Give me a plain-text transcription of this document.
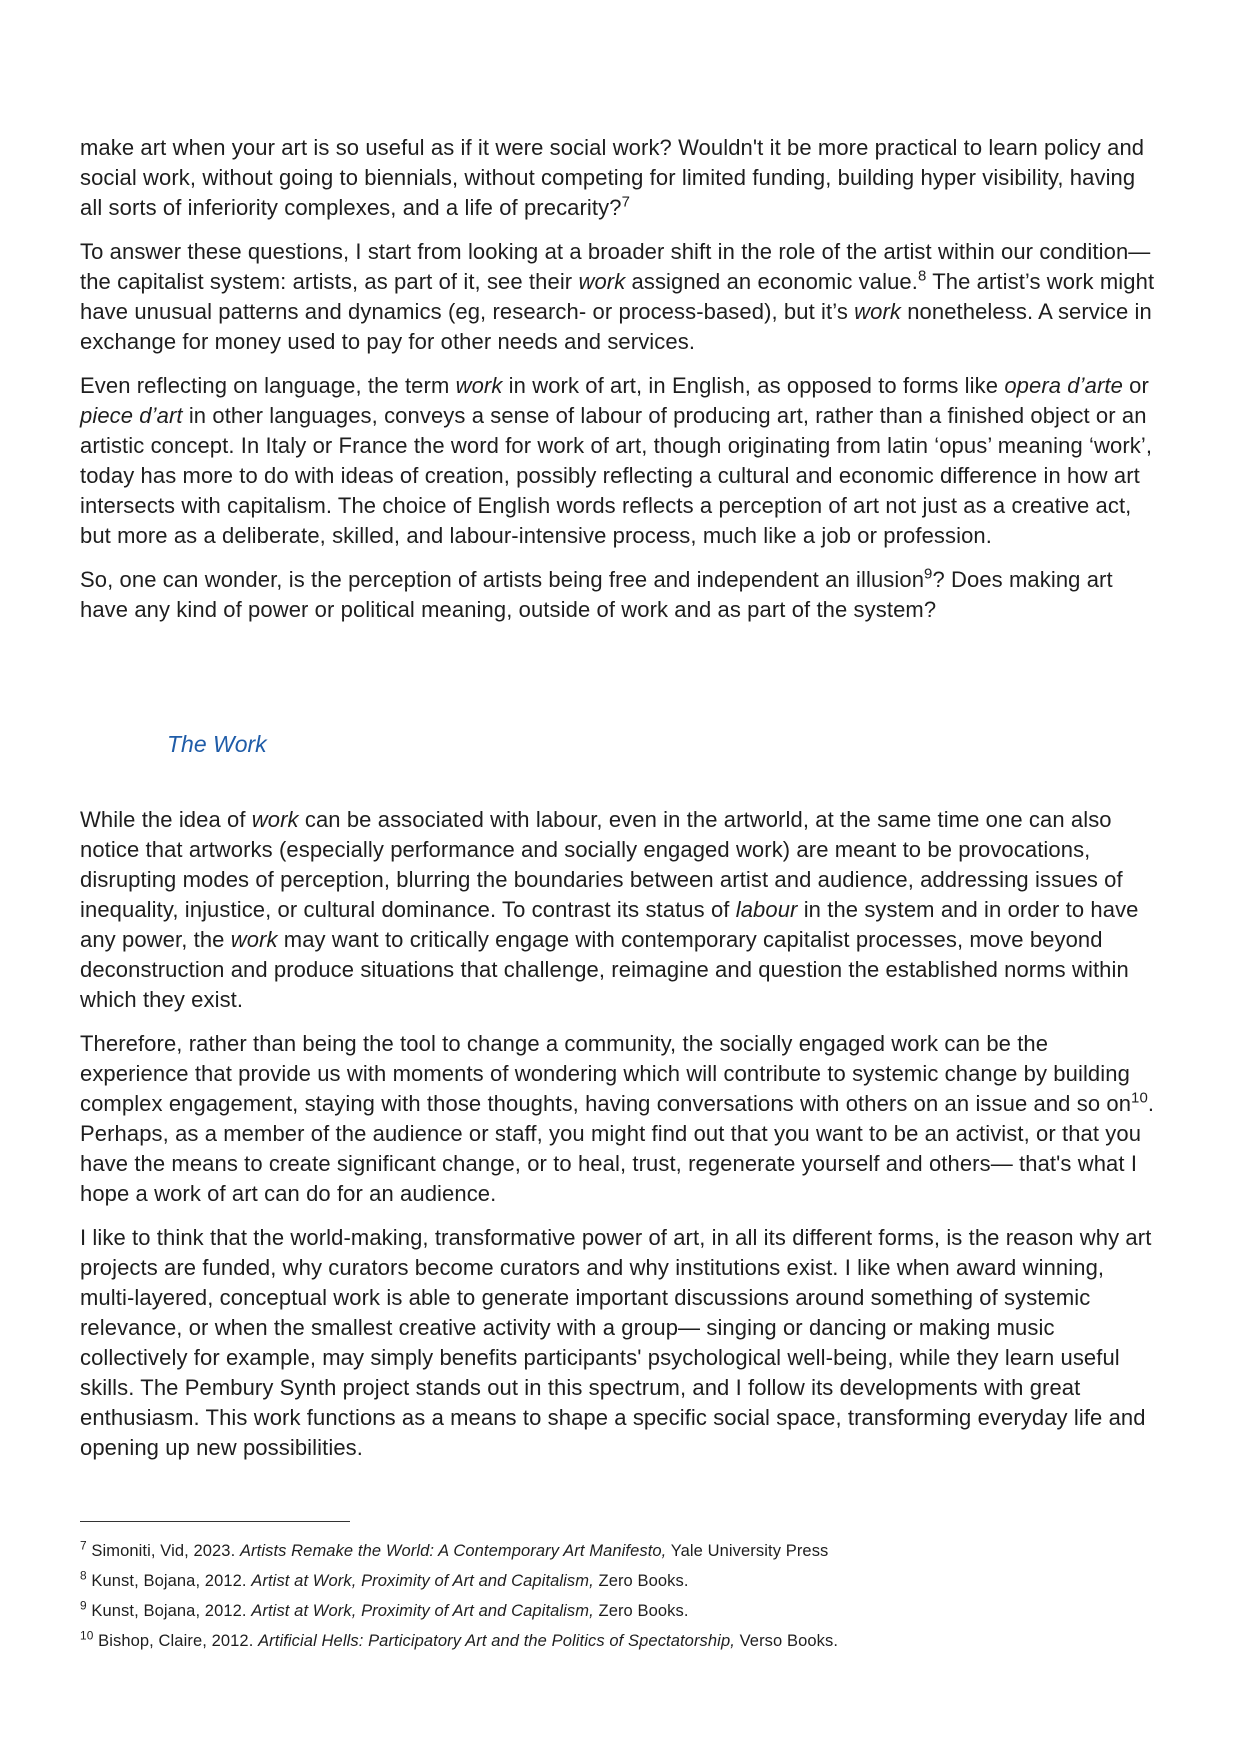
make art when your art is so useful as if it were social work? Wouldn't it be more practical to learn policy and social work, without going to biennials, without competing for limited funding, building hyper visibility, having all sorts of inferiority complexes, and a life of precarity?$^7$

To answer these questions, I start from looking at a broader shift in the role of the artist within our condition— the capitalist system: artists, as part of it, see their work assigned an economic value.$^8$ The artist’s work might have unusual patterns and dynamics (eg, research- or process-based), but it’s work nonetheless. A service in exchange for money used to pay for other needs and services.

Even reflecting on language, the term work in work of art, in English, as opposed to forms like opera d’arte or piece d’art in other languages, conveys a sense of labour of producing art, rather than a finished object or an artistic concept. In Italy or France the word for work of art, though originating from latin ‘opus’ meaning ‘work’, today has more to do with ideas of creation, possibly reflecting a cultural and economic difference in how art intersects with capitalism. The choice of English words reflects a perception of art not just as a creative act, but more as a deliberate, skilled, and labour-intensive process, much like a job or profession.

So, one can wonder, is the perception of artists being free and independent an illusion$^9$? Does making art have any kind of power or political meaning, outside of work and as part of the system?

The Work

While the idea of work can be associated with labour, even in the artworld, at the same time one can also notice that artworks (especially performance and socially engaged work) are meant to be provocations, disrupting modes of perception, blurring the boundaries between artist and audience, addressing issues of inequality, injustice, or cultural dominance. To contrast its status of labour in the system and in order to have any power, the work may want to critically engage with contemporary capitalist processes, move beyond deconstruction and produce situations that challenge, reimagine and question the established norms within which they exist.

Therefore, rather than being the tool to change a community, the socially engaged work can be the experience that provide us with moments of wondering which will contribute to systemic change by building complex engagement, staying with those thoughts, having conversations with others on an issue and so $on^{10}$. Perhaps, as a member of the audience or staff, you might find out that you want to be an activist, or that you have the means to create significant change, or to heal, trust, regenerate yourself and others— that's what I hope a work of art can do for an audience.

I like to think that the world-making, transformative power of art, in all its different forms, is the reason why art projects are funded, why curators become curators and why institutions exist. I like when award winning, multi-layered, conceptual work is able to generate important discussions around something of systemic relevance, or when the smallest creative activity with a group— singing or dancing or making music collectively for example, may simply benefits participants' psychological well-being, while they learn useful skills. The Pembury Synth project stands out in this spectrum, and I follow its developments with great enthusiasm. This work functions as a means to shape a specific social space, transforming everyday life and opening up new possibilities.

$^7$ Simoniti, Vid, 2023. Artists Remake the World: A Contemporary Art Manifesto, Yale University Press

$^8$ Kunst, Bojana, 2012. Artist at Work, Proximity of Art and Capitalism, Zero Books.

$^9$ Kunst, Bojana, 2012. Artist at Work, Proximity of Art and Capitalism, Zero Books.

$^{10}$ Bishop, Claire, 2012. Artificial Hells: Participatory Art and the Politics of Spectatorship, Verso Books.
